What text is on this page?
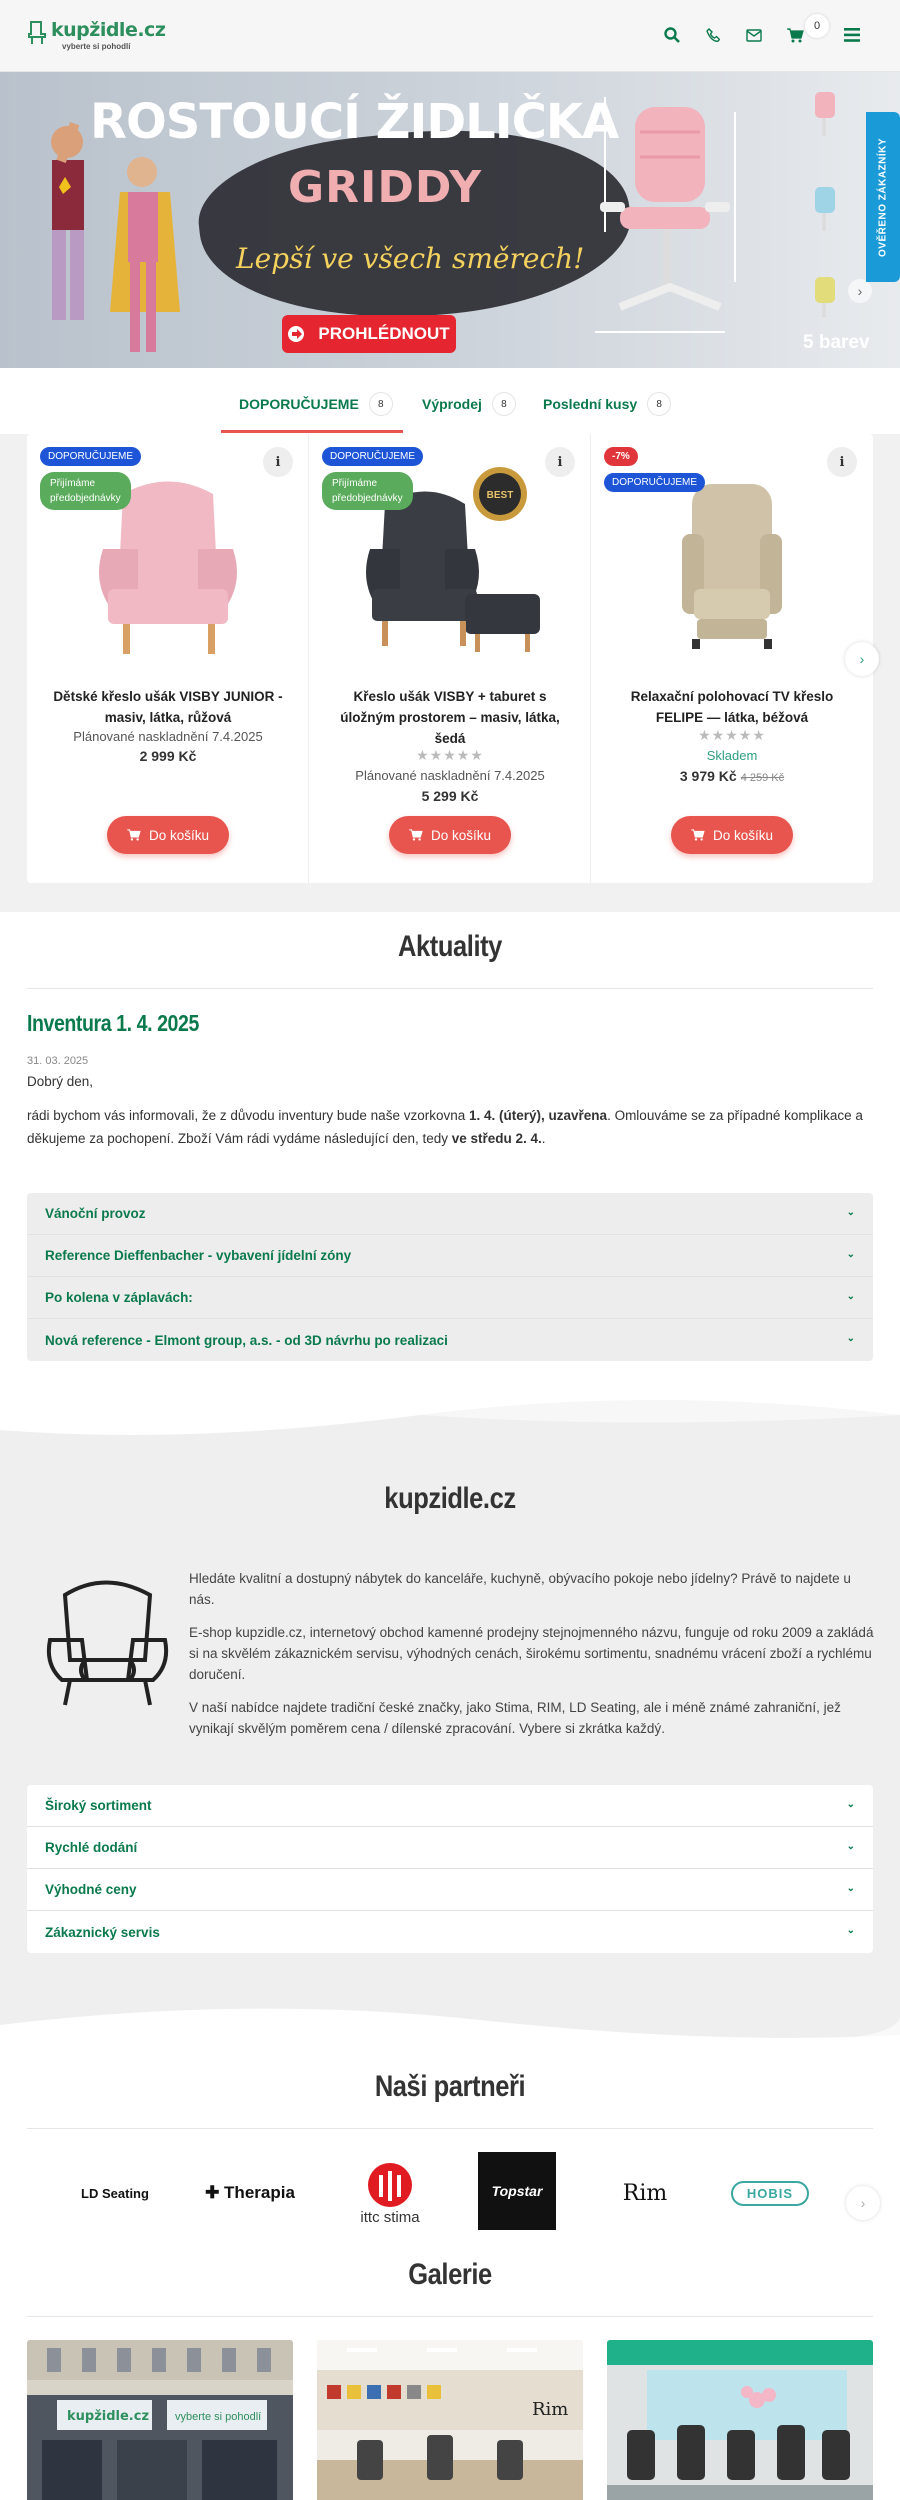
kupžidle.cz
vyberte si pohodlí
0
ROSTOUCÍ ŽIDLIČKA
GRIDDY
Lepší ve všech směrech!
PROHLÉDNOUT	5 barev
›
OVĚŘENO ZÁKAZNÍKY
DOPORUČUJEME	8	Výprodej	8	Poslední kusy	8
DOPORUČUJEME
Přijímáme
předobjednávky
i
Dětské křeslo ušák VISBY JUNIOR - masiv, látka, růžová
Plánované naskladnění 7.4.2025
2 999 Kč
Do košíku
BEST
DOPORUČUJEME
Přijímáme
předobjednávky
i
Křeslo ušák VISBY + taburet s úložným prostorem – masiv, látka, šedá
★★★★★
Plánované naskladnění 7.4.2025
5 299 Kč
Do košíku
-7%
DOPORUČUJEME
i
Relaxační polohovací TV křeslo FELIPE — látka, béžová
★★★★★
Skladem
3 979 Kč 4 259 Kč
Do košíku
›
Aktuality
Inventura 1. 4. 2025
31. 03. 2025
Dobrý den,
rádi bychom vás informovali, že z důvodu inventury bude naše vzorkovna 1. 4. (úterý), uzavřena. Omlouváme se za případné komplikace a děkujeme za pochopení. Zboží Vám rádi vydáme následující den, tedy ve středu 2. 4..
Vánoční provoz	⌄
Reference Dieffenbacher - vybavení jídelní zóny	⌄
Po kolena v záplavách:	⌄
Nová reference - Elmont group, a.s. - od 3D návrhu po realizaci	⌄
kupzidle.cz

Hledáte kvalitní a dostupný nábytek do kanceláře, kuchyně, obývacího pokoje nebo jídelny? Právě to najdete u nás.

E-shop kupzidle.cz, internetový obchod kamenné prodejny stejnojmenného názvu, funguje od roku 2009 a zakládá si na skvělém zákaznickém servisu, výhodných cenách, širokému sortimentu, snadnému vrácení zboží a rychlému doručení.

V naší nabídce najdete tradiční české značky, jako Stima, RIM, LD Seating, ale i méně známé zahraniční, jež vynikají skvělým poměrem cena / dílenské zpracování. Vybere si zkrátka každý.

Široký sortiment	⌄
Rychlé dodání	⌄
Výhodné ceny	⌄
Zákaznický servis	⌄
Naši partneři
LD Seating	✚ Therapia
ittc stima
Topstar	Rim	HOBIS
›
Galerie
kupžidle.cz vyberte si pohodlí	Rim
